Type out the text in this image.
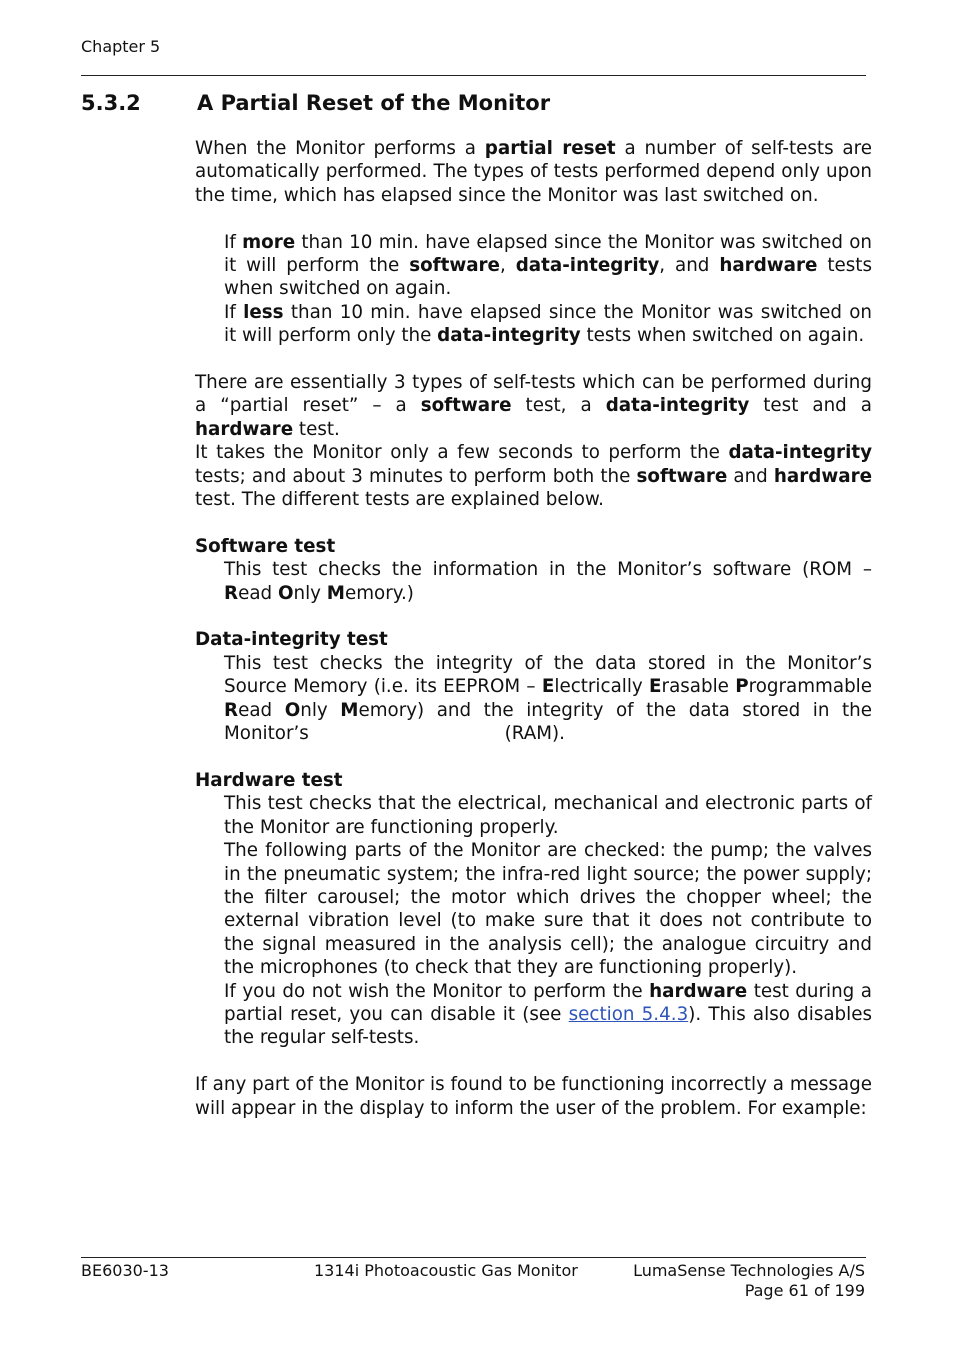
Chapter 5
5.3.2	A Partial Reset of the Monitor

When the Monitor performs a partial reset a number of self-tests are automatically performed. The types of tests performed depend only upon the time, which has elapsed since the Monitor was last switched on.

If more than 10 min. have elapsed since the Monitor was switched on it will perform the software, data-integrity, and hardware tests when switched on again.

If less than 10 min. have elapsed since the Monitor was switched on it will perform only the data-integrity tests when switched on again.

There are essentially 3 types of self-tests which can be performed during a “partial reset” – a software test, a data-integrity test and a hardware test.

It takes the Monitor only a few seconds to perform the data-integrity tests; and about 3 minutes to perform both the software and hardware test. The different tests are explained below.

Software test

This test checks the information in the Monitor’s software (ROM – Read Only Memory.)

Data-integrity test

This test checks the integrity of the data stored in the Monitor’s Source Memory (i.e. its EEPROM – Electrically Erasable Programmable Read Only Memory) and the integrity of the data stored in the Monitor’s	(RAM).

Hardware test

This test checks that the electrical, mechanical and electronic parts of the Monitor are functioning properly.

The following parts of the Monitor are checked: the pump; the valves in the pneumatic system; the infra-red light source; the power supply; the filter carousel; the motor which drives the chopper wheel; the external vibration level (to make sure that it does not contribute to the signal measured in the analysis cell); the analogue circuitry and the microphones (to check that they are functioning properly).

If you do not wish the Monitor to perform the hardware test during a partial reset, you can disable it (see section 5.4.3). This also disables the regular self-tests.

If any part of the Monitor is found to be functioning incorrectly a message will appear in the display to inform the user of the problem. For example:

BE6030-13	1314i Photoacoustic Gas Monitor	LumaSense Technologies A/S
Page 61 of 199
